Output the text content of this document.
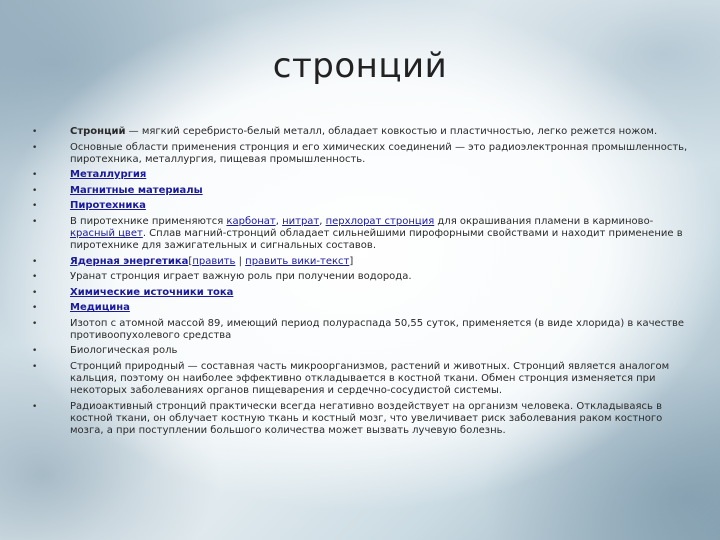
стронций
•	Стронций — мягкий серебристо-белый металл, обладает ковкостью и пластичностью, легко режется ножом.
•	Основные области применения стронция и его химических соединений — это радиоэлектронная промышленность, пиротехника, металлургия, пищевая промышленность.
•	Металлургия
•	Магнитные материалы
•	Пиротехника
•	В пиротехнике применяются карбонат, нитрат, перхлорат стронция для окрашивания пламени в карминово-красный цвет. Сплав магний-стронций обладает сильнейшими пирофорными свойствами и находит применение в пиротехнике для зажигательных и сигнальных составов.
•	Ядерная энергетика[править | править вики-текст]
•	Уранат стронция играет важную роль при получении водорода.
•	Химические источники тока
•	Медицина
•	Изотоп с атомной массой 89, имеющий период полураспада 50,55 суток, применяется (в виде хлорида) в качестве противоопухолевого средства
•	Биологическая роль
•	Стронций природный — составная часть микроорганизмов, растений и животных. Стронций является аналогом кальция, поэтому он наиболее эффективно откладывается в костной ткани. Обмен стронция изменяется при некоторых заболеваниях органов пищеварения и сердечно-сосудистой системы.
•	Радиоактивный стронций практически всегда негативно воздействует на организм человека. Откладываясь в костной ткани, он облучает костную ткань и костный мозг, что увеличивает риск заболевания раком костного мозга, а при поступлении большого количества может вызвать лучевую болезнь.
